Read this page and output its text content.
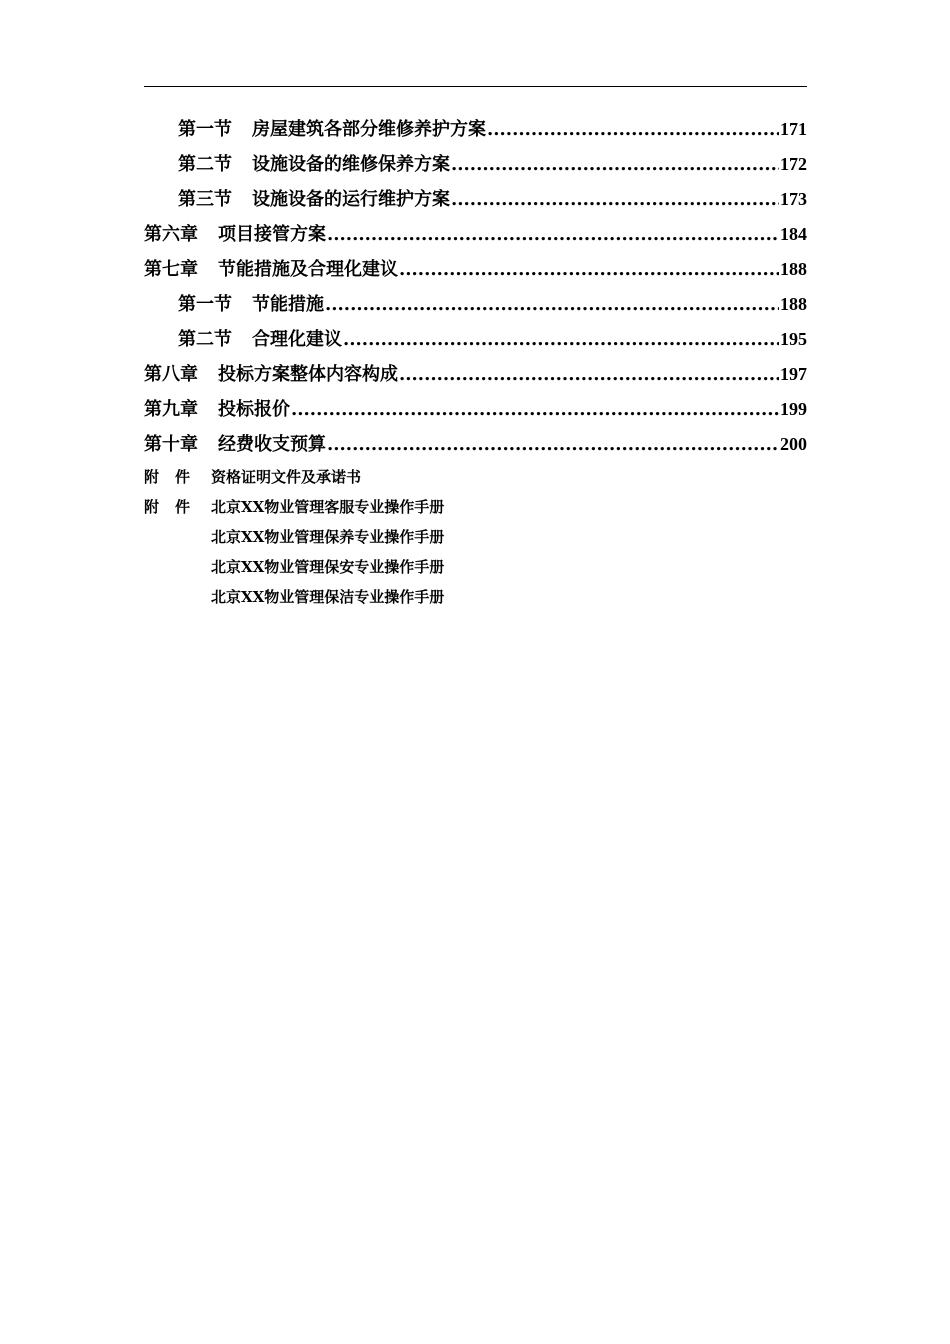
第一节	房屋建筑各部分维修养护方案 .....	171
第二节	设施设备的维修保养方案 .....	172
第三节	设施设备的运行维护方案 .....	173
第六章	项目接管方案 .....	184
第七章	节能措施及合理化建议 .....	188
第一节	节能措施 .....	188
第二节	合理化建议 .....	195
第八章	投标方案整体内容构成 .....	197
第九章	投标报价 .....	199
第十章	经费收支预算 .....	200
附 件	资格证明文件及承诺书
附 件	北京XX物业管理客服专业操作手册
北京XX物业管理保养专业操作手册
北京XX物业管理保安专业操作手册
北京XX物业管理保洁专业操作手册
